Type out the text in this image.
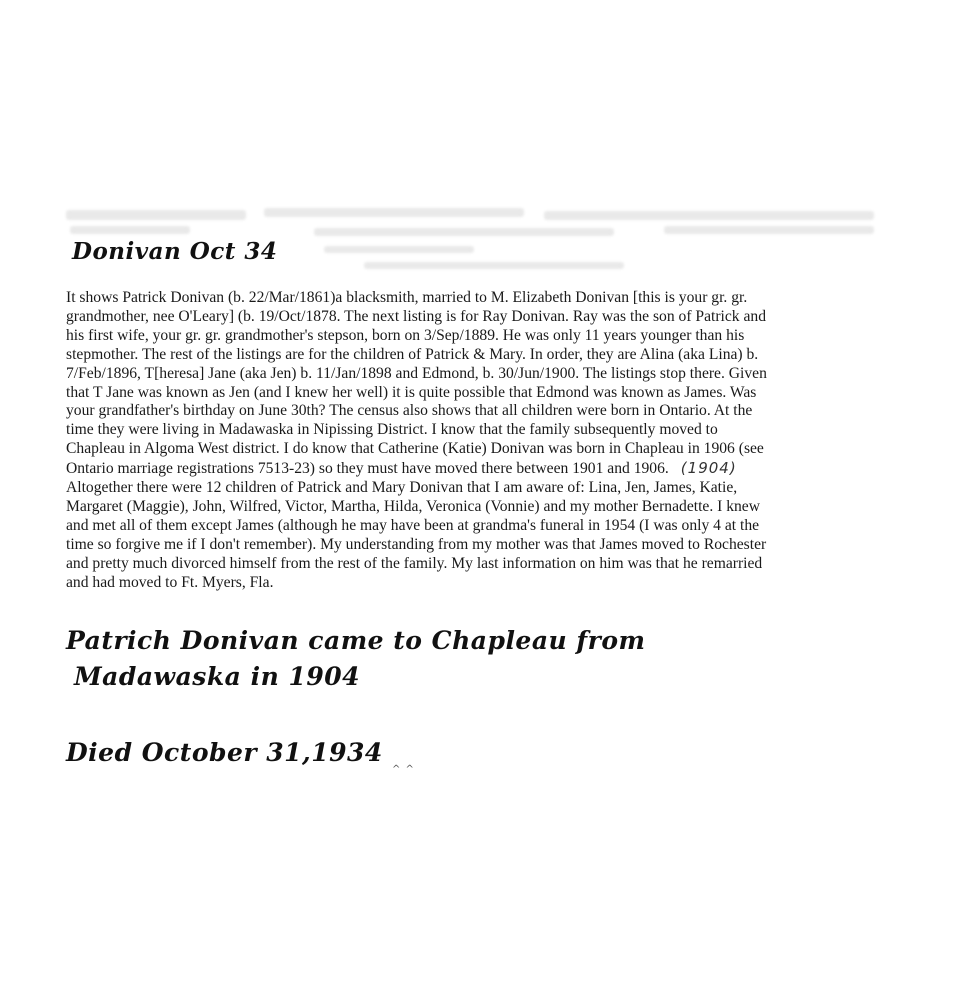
Donivan Oct 34
It shows Patrick Donivan (b. 22/Mar/1861)a blacksmith, married to M. Elizabeth Donivan [this is your gr. gr.
grandmother, nee O'Leary] (b. 19/Oct/1878. The next listing is for Ray Donivan. Ray was the son of Patrick and
his first wife, your gr. gr. grandmother's stepson, born on 3/Sep/1889. He was only 11 years younger than his
stepmother. The rest of the listings are for the children of Patrick & Mary. In order, they are Alina (aka Lina) b.
7/Feb/1896, T[heresa] Jane (aka Jen) b. 11/Jan/1898 and Edmond, b. 30/Jun/1900. The listings stop there. Given
that T Jane was known as Jen (and I knew her well) it is quite possible that Edmond was known as James. Was
your grandfather's birthday on June 30th? The census also shows that all children were born in Ontario. At the
time they were living in Madawaska in Nipissing District. I know that the family subsequently moved to
Chapleau in Algoma West district. I do know that Catherine (Katie) Donivan was born in Chapleau in 1906 (see
Ontario marriage registrations 7513-23) so they must have moved there between 1901 and 1906. (1904)
Altogether there were 12 children of Patrick and Mary Donivan that I am aware of: Lina, Jen, James, Katie,
Margaret (Maggie), John, Wilfred, Victor, Martha, Hilda, Veronica (Vonnie) and my mother Bernadette. I knew
and met all of them except James (although he may have been at grandma's funeral in 1954 (I was only 4 at the
time so forgive me if I don't remember). My understanding from my mother was that James moved to Rochester
and pretty much divorced himself from the rest of the family. My last information on him was that he remarried
and had moved to Ft. Myers, Fla.
Patrich Donivan came to Chapleau from
Madawaska in 1904
Died October 31,1934
^ ^
